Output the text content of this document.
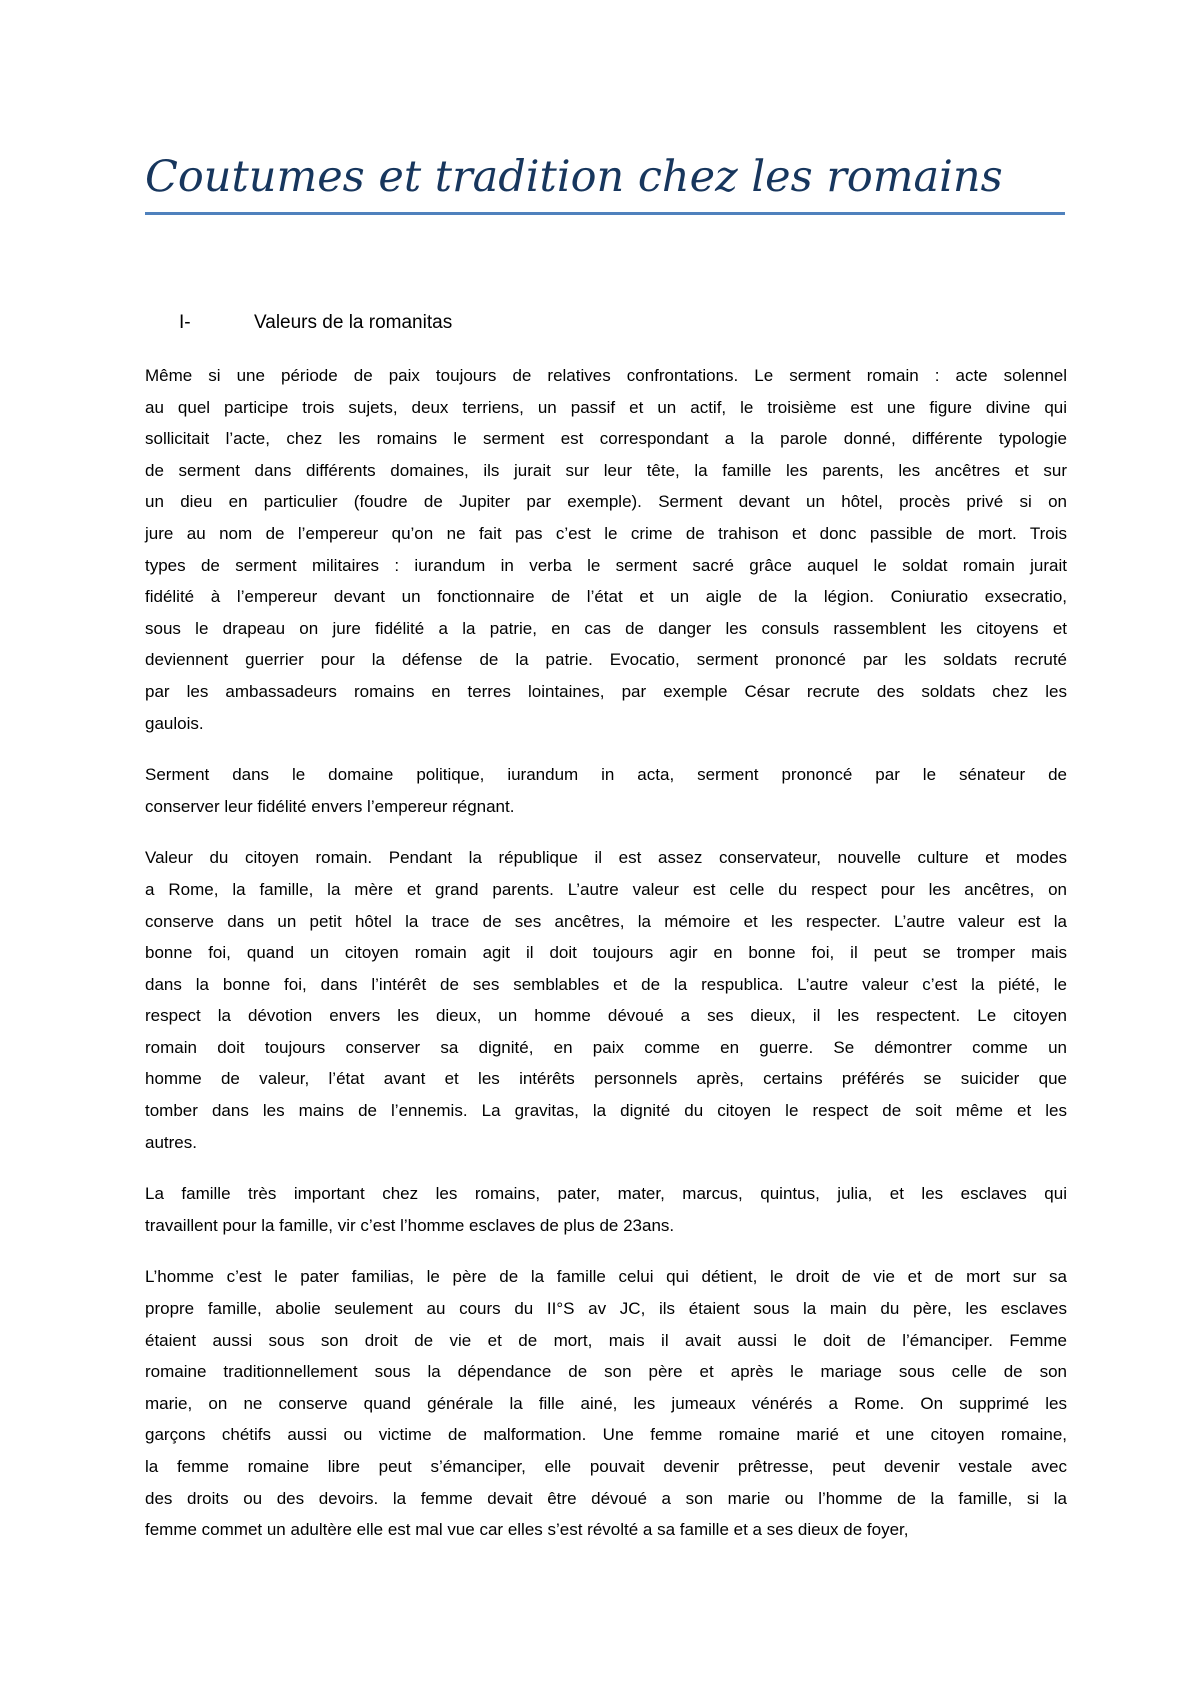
Coutumes et tradition chez les romains
I-	Valeurs de la romanitas

Même si une période de paix toujours de relatives confrontations. Le serment romain : acte solennel
au quel participe trois sujets, deux terriens, un passif et un actif, le troisième est une figure divine qui
sollicitait l’acte, chez les romains le serment est correspondant a la parole donné, différente typologie
de serment dans différents domaines, ils jurait sur leur tête, la famille les parents, les ancêtres et sur
un dieu en particulier (foudre de Jupiter par exemple). Serment devant un hôtel, procès privé si on
jure au nom de l’empereur qu’on ne fait pas c’est le crime de trahison et donc passible de mort. Trois
types de serment militaires : iurandum in verba le serment sacré grâce auquel le soldat romain jurait
fidélité à l’empereur devant un fonctionnaire de l’état et un aigle de la légion. Coniuratio exsecratio,
sous le drapeau on jure fidélité a la patrie, en cas de danger les consuls rassemblent les citoyens et
deviennent guerrier pour la défense de la patrie. Evocatio, serment prononcé par les soldats recruté
par les ambassadeurs romains en terres lointaines, par exemple César recrute des soldats chez les
gaulois.

Serment dans le domaine politique, iurandum in acta, serment prononcé par le sénateur de
conserver leur fidélité envers l’empereur régnant.

Valeur du citoyen romain. Pendant la république il est assez conservateur, nouvelle culture et modes
a Rome, la famille, la mère et grand parents. L’autre valeur est celle du respect pour les ancêtres, on
conserve dans un petit hôtel la trace de ses ancêtres, la mémoire et les respecter. L’autre valeur est la
bonne foi, quand un citoyen romain agit il doit toujours agir en bonne foi, il peut se tromper mais
dans la bonne foi, dans l’intérêt de ses semblables et de la respublica. L’autre valeur c’est la piété, le
respect la dévotion envers les dieux, un homme dévoué a ses dieux, il les respectent. Le citoyen
romain doit toujours conserver sa dignité, en paix comme en guerre. Se démontrer comme un
homme de valeur, l’état avant et les intérêts personnels après, certains préférés se suicider que
tomber dans les mains de l’ennemis. La gravitas, la dignité du citoyen le respect de soit même et les
autres.

La famille très important chez les romains, pater, mater, marcus, quintus, julia, et les esclaves qui
travaillent pour la famille, vir c’est l’homme esclaves de plus de 23ans.

L’homme c’est le pater familias, le père de la famille celui qui détient, le droit de vie et de mort sur sa
propre famille, abolie seulement au cours du II°S av JC, ils étaient sous la main du père, les esclaves
étaient aussi sous son droit de vie et de mort, mais il avait aussi le doit de l’émanciper. Femme
romaine traditionnellement sous la dépendance de son père et après le mariage sous celle de son
marie, on ne conserve quand générale la fille ainé, les jumeaux vénérés a Rome. On supprimé les
garçons chétifs aussi ou victime de malformation. Une femme romaine marié et une citoyen romaine,
la femme romaine libre peut s’émanciper, elle pouvait devenir prêtresse, peut devenir vestale avec
des droits ou des devoirs. la femme devait être dévoué a son marie ou l’homme de la famille, si la
femme commet un adultère elle est mal vue car elles s’est révolté a sa famille et a ses dieux de foyer,
